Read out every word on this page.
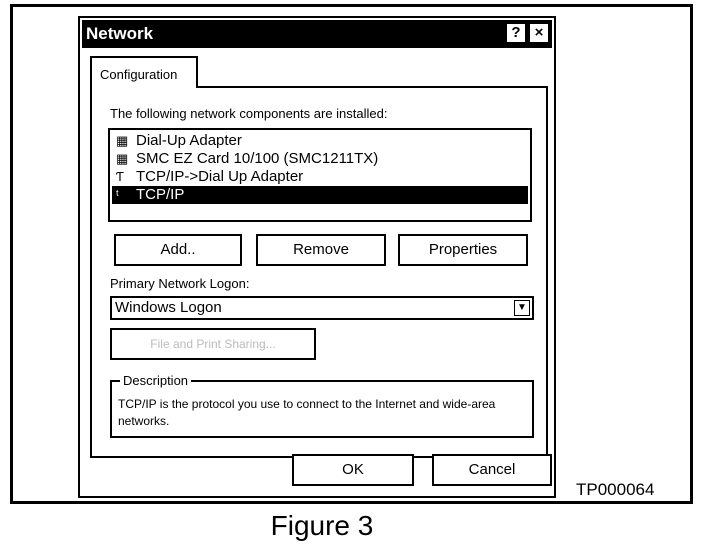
Network	? ×
Configuration
The following network components are installed:
▦ Dial-Up Adapter
▦ SMC EZ Card 10/100 (SMC1211TX)
Ƭ TCP/IP->Dial Up Adapter
ᵗ TCP/IP
Add..	Remove	Properties
Primary Network Logon:
Windows Logon	▼
File and Print Sharing...
Description
TCP/IP is the protocol you use to connect to the Internet and wide-area networks.
OK	Cancel
TP000064
Figure 3
